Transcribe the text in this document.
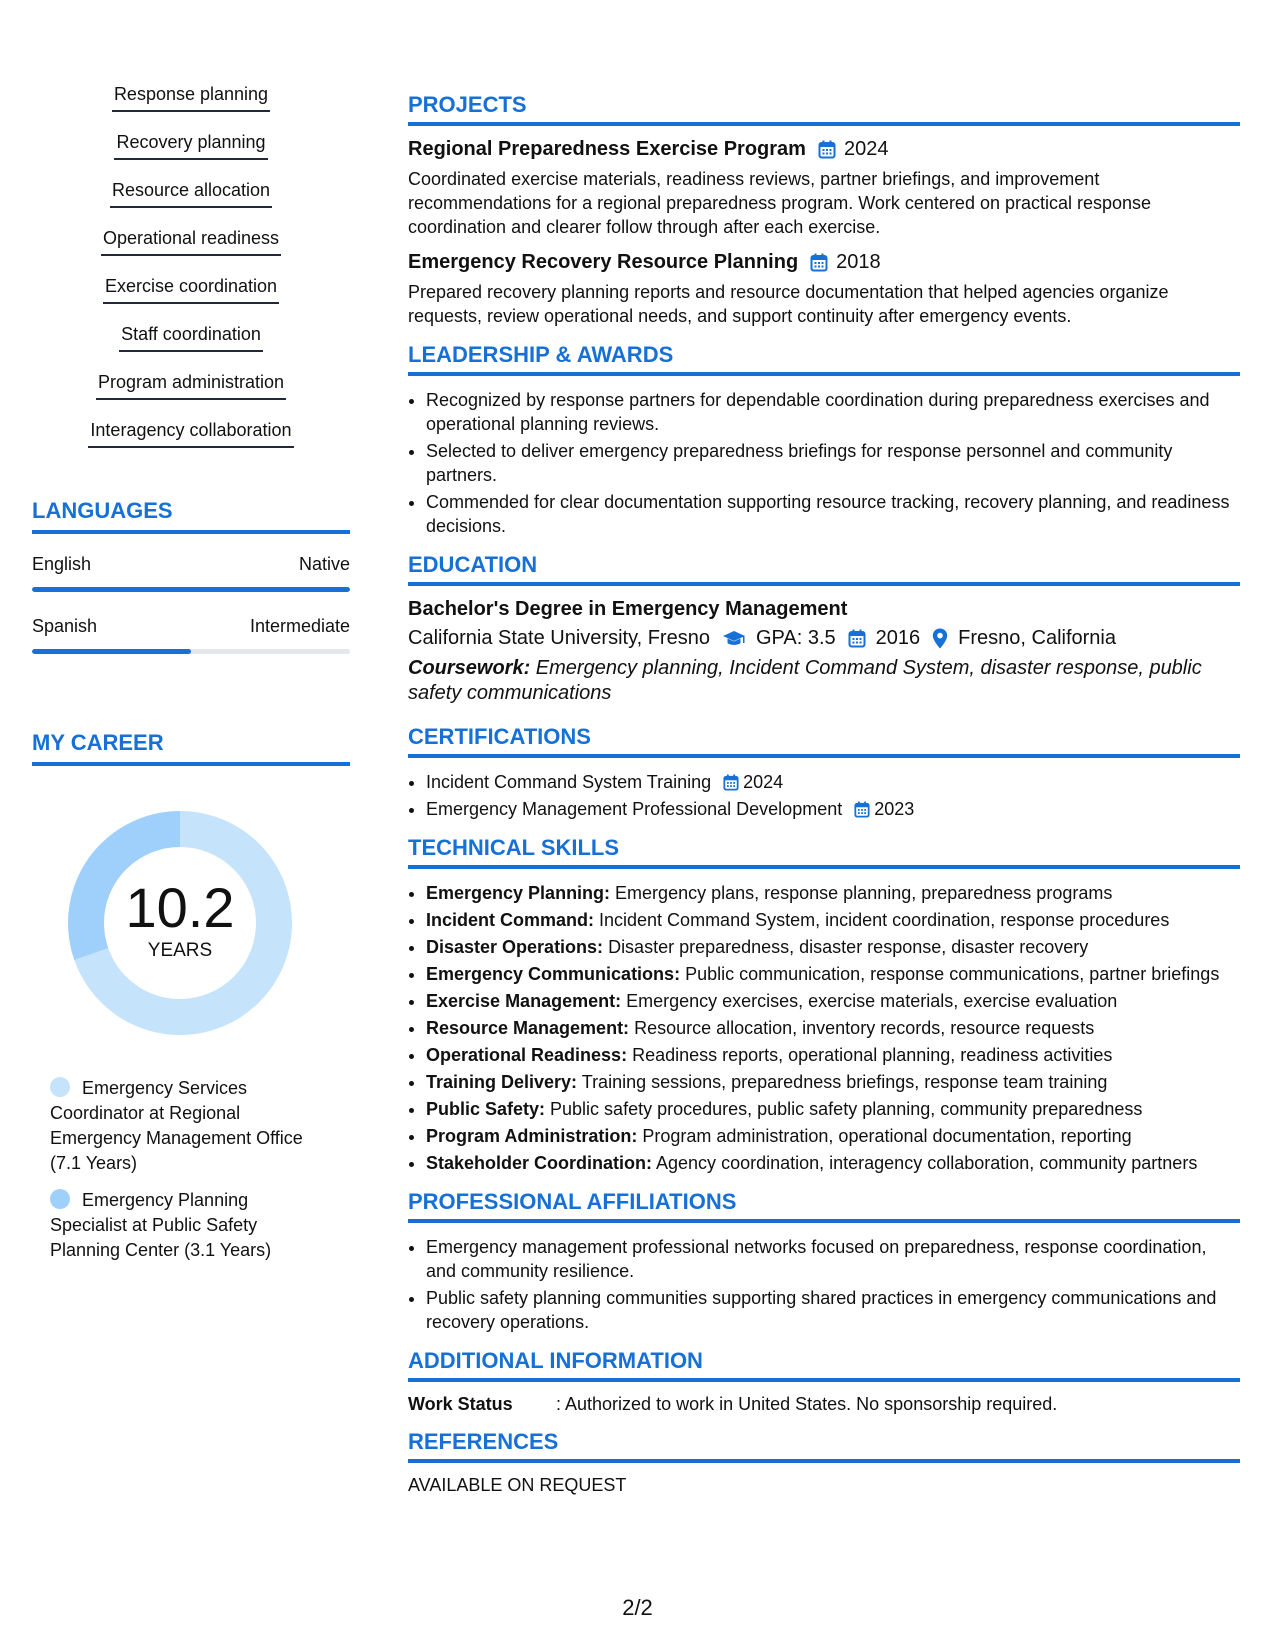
Response planning
Recovery planning
Resource allocation
Operational readiness
Exercise coordination
Staff coordination
Program administration
Interagency collaboration
LANGUAGES
English	Native
Spanish	Intermediate
MY CAREER
10.2
YEARS
Emergency Services Coordinator at Regional Emergency Management Office (7.1 Years)
Emergency Planning Specialist at Public Safety Planning Center (3.1 Years)
PROJECTS
Regional Preparedness Exercise Program 2024
Coordinated exercise materials, readiness reviews, partner briefings, and improvement recommendations for a regional preparedness program. Work centered on practical response coordination and clearer follow through after each exercise.
Emergency Recovery Resource Planning 2018
Prepared recovery planning reports and resource documentation that helped agencies organize requests, review operational needs, and support continuity after emergency events.
LEADERSHIP & AWARDS
• Recognized by response partners for dependable coordination during preparedness exercises and operational planning reviews.
• Selected to deliver emergency preparedness briefings for response personnel and community partners.
• Commended for clear documentation supporting resource tracking, recovery planning, and readiness decisions.
EDUCATION
Bachelor's Degree in Emergency Management
California State University, Fresno GPA: 3.5 2016 Fresno, California
Coursework: Emergency planning, Incident Command System, disaster response, public safety communications
CERTIFICATIONS
• Incident Command System Training 2024
• Emergency Management Professional Development 2023
TECHNICAL SKILLS
• Emergency Planning: Emergency plans, response planning, preparedness programs
• Incident Command: Incident Command System, incident coordination, response procedures
• Disaster Operations: Disaster preparedness, disaster response, disaster recovery
• Emergency Communications: Public communication, response communications, partner briefings
• Exercise Management: Emergency exercises, exercise materials, exercise evaluation
• Resource Management: Resource allocation, inventory records, resource requests
• Operational Readiness: Readiness reports, operational planning, readiness activities
• Training Delivery: Training sessions, preparedness briefings, response team training
• Public Safety: Public safety procedures, public safety planning, community preparedness
• Program Administration: Program administration, operational documentation, reporting
• Stakeholder Coordination: Agency coordination, interagency collaboration, community partners
PROFESSIONAL AFFILIATIONS
• Emergency management professional networks focused on preparedness, response coordination, and community resilience.
• Public safety planning communities supporting shared practices in emergency communications and recovery operations.
ADDITIONAL INFORMATION
Work Status	: Authorized to work in United States. No sponsorship required.
REFERENCES
AVAILABLE ON REQUEST
2/2
